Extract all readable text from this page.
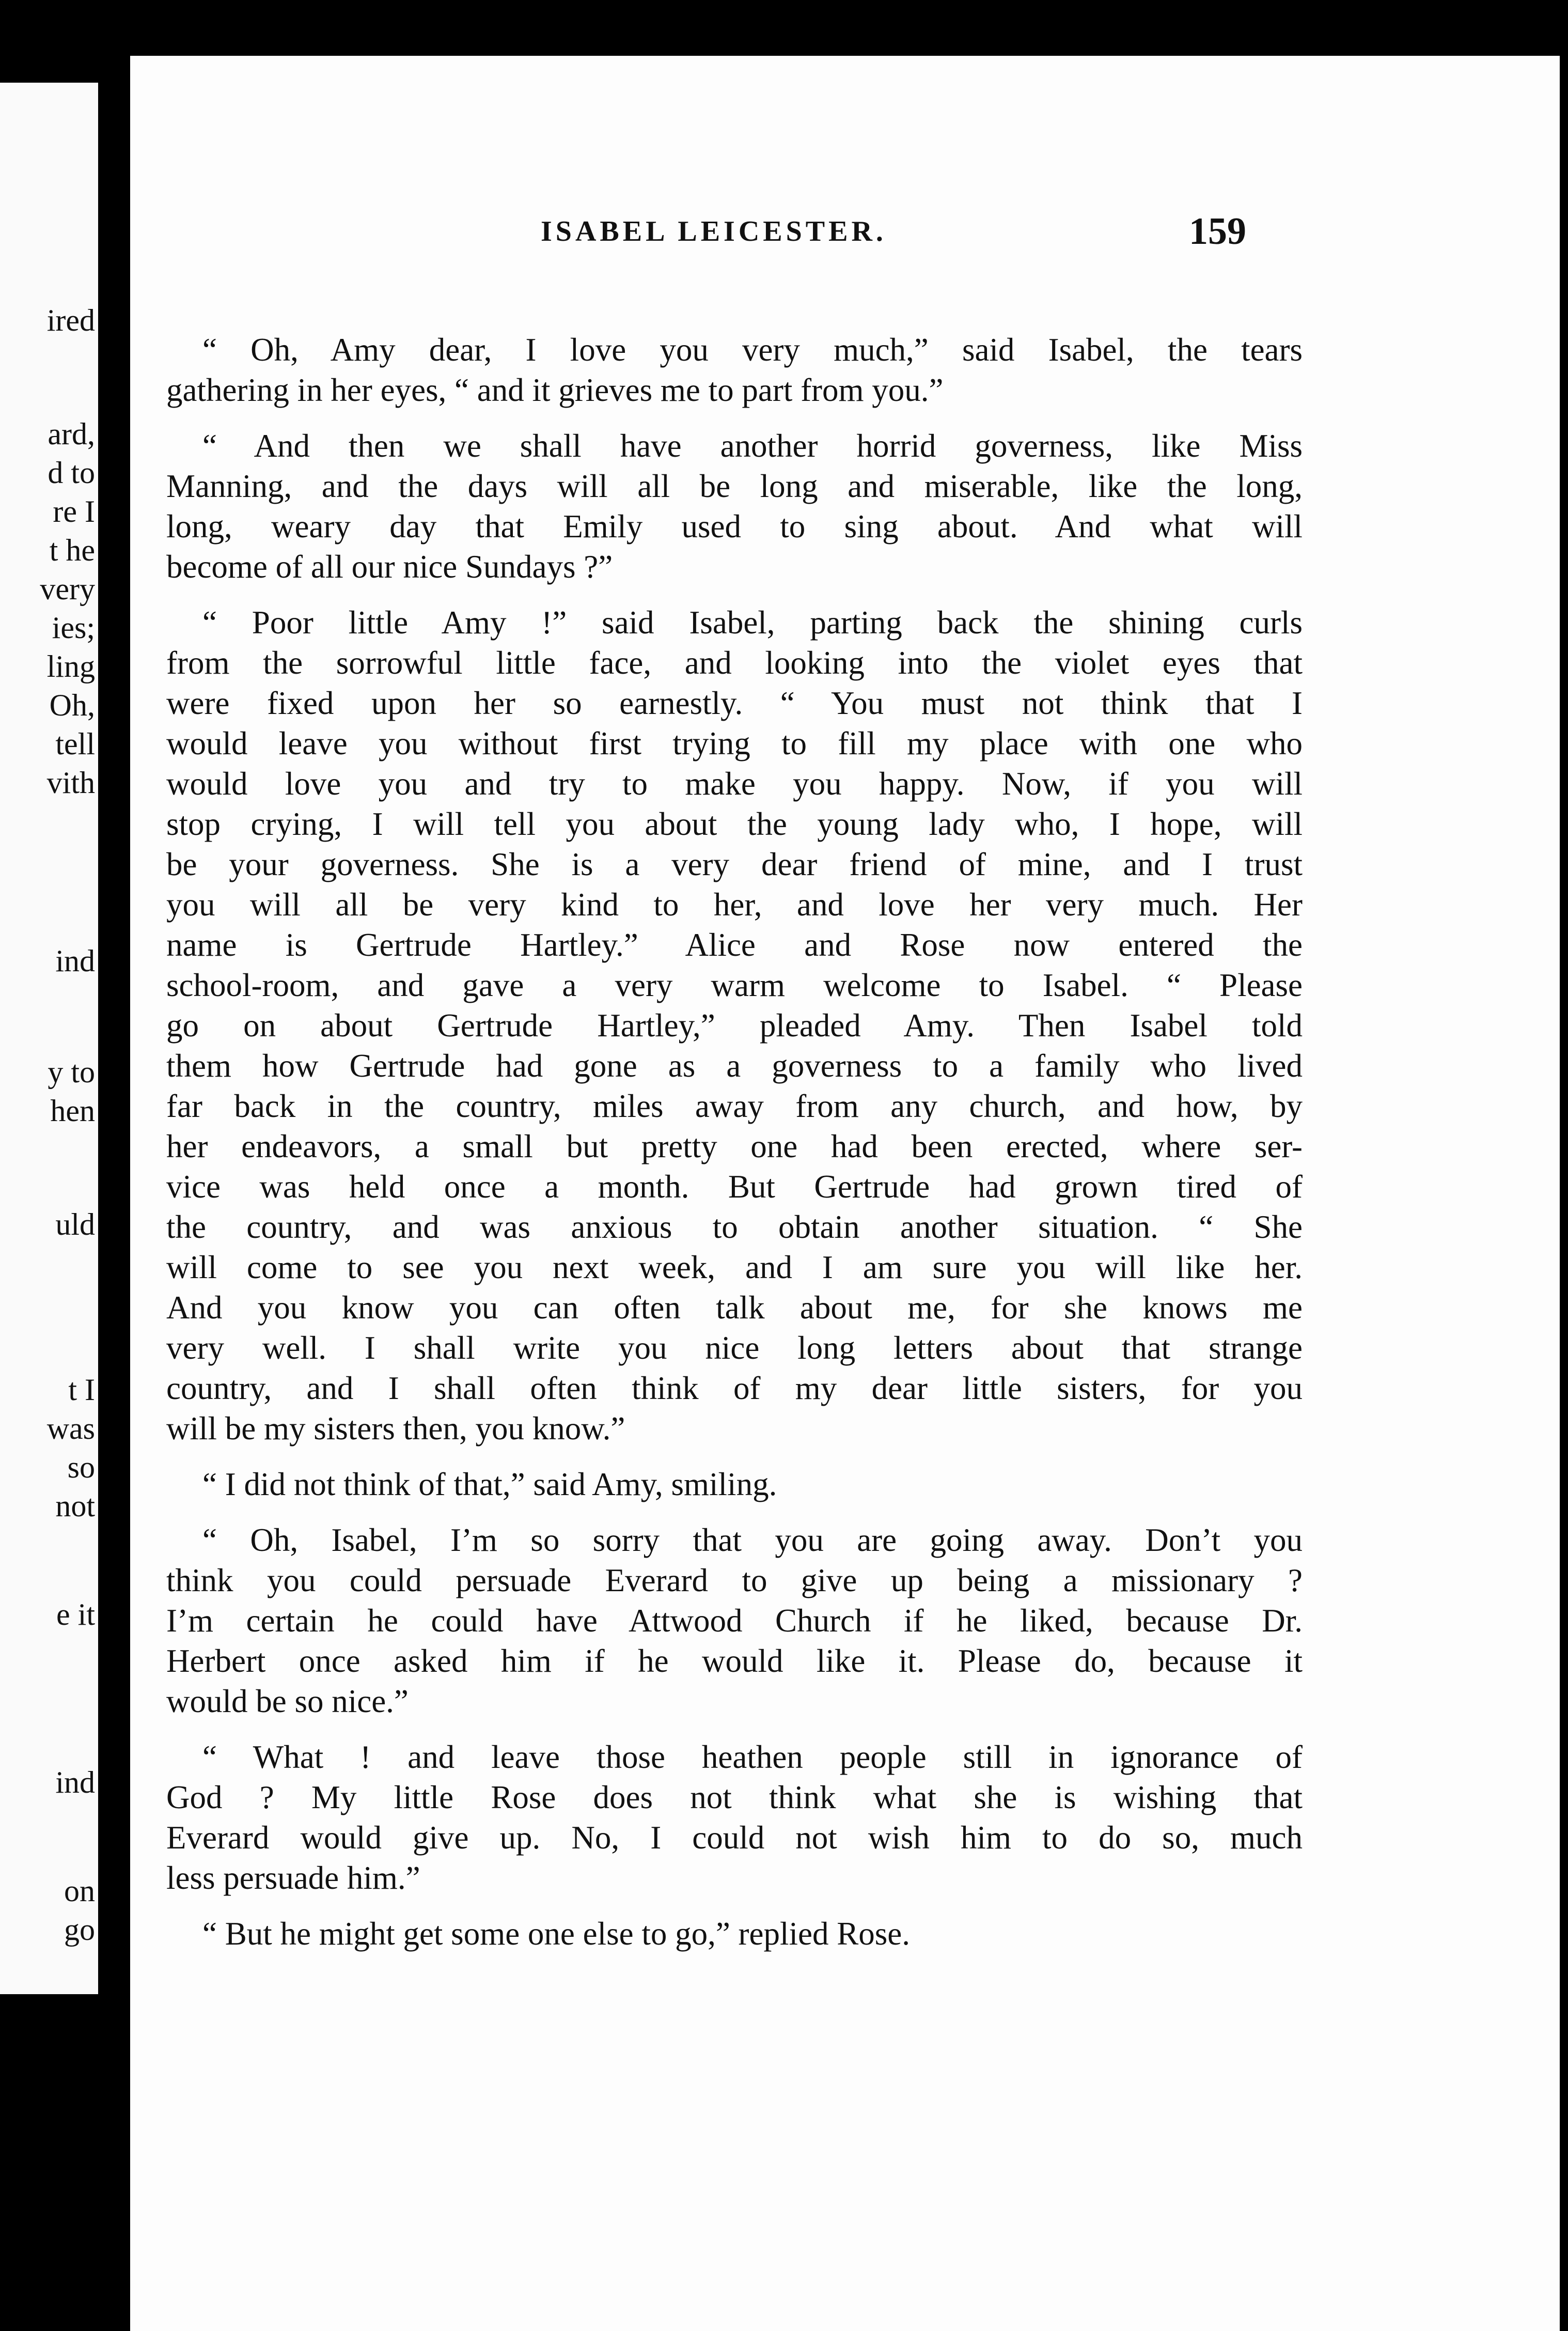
ired
ard,
d to
re I
t he
very
ies;
ling
Oh,
tell
vith
ind
y to
hen
uld
t I
was
so
not
e it
ind
on
go
ISABEL LEICESTER.	159
“ Oh, Amy dear, I love you very much,” said Isabel, the tears
gathering in her eyes, “ and it grieves me to part from you.”
“ And then we shall have another horrid governess, like Miss
Manning, and the days will all be long and miserable, like the long,
long, weary day that Emily used to sing about. And what will
become of all our nice Sundays ?”
“ Poor little Amy !” said Isabel, parting back the shining curls
from the sorrowful little face, and looking into the violet eyes that
were fixed upon her so earnestly. “ You must not think that I
would leave you without first trying to fill my place with one who
would love you and try to make you happy. Now, if you will
stop crying, I will tell you about the young lady who, I hope, will
be your governess. She is a very dear friend of mine, and I trust
you will all be very kind to her, and love her very much. Her
name is Gertrude Hartley.” Alice and Rose now entered the
school-room, and gave a very warm welcome to Isabel. “ Please
go on about Gertrude Hartley,” pleaded Amy. Then Isabel told
them how Gertrude had gone as a governess to a family who lived
far back in the country, miles away from any church, and how, by
her endeavors, a small but pretty one had been erected, where ser-
vice was held once a month. But Gertrude had grown tired of
the country, and was anxious to obtain another situation. “ She
will come to see you next week, and I am sure you will like her.
And you know you can often talk about me, for she knows me
very well. I shall write you nice long letters about that strange
country, and I shall often think of my dear little sisters, for you
will be my sisters then, you know.”
“ I did not think of that,” said Amy, smiling.
“ Oh, Isabel, I’m so sorry that you are going away. Don’t you
think you could persuade Everard to give up being a missionary ?
I’m certain he could have Attwood Church if he liked, because Dr.
Herbert once asked him if he would like it. Please do, because it
would be so nice.”
“ What ! and leave those heathen people still in ignorance of
God ? My little Rose does not think what she is wishing that
Everard would give up. No, I could not wish him to do so, much
less persuade him.”
“ But he might get some one else to go,” replied Rose.
